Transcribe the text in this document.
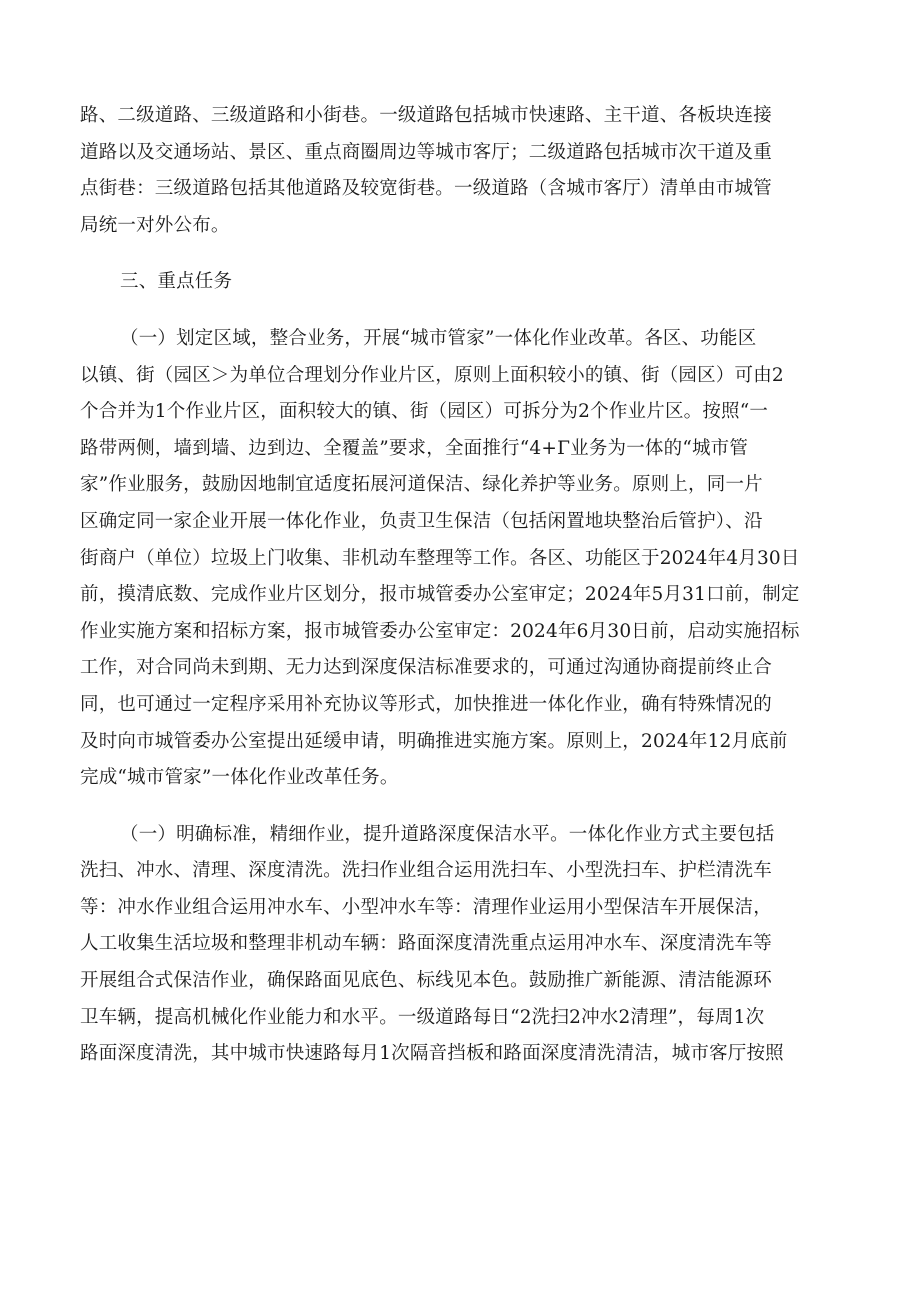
路、二级道路、三级道路和小街巷。一级道路包括城市快速路、主干道、各板块连接
道路以及交通场站、景区、重点商圈周边等城市客厅；二级道路包括城市次干道及重
点街巷：三级道路包括其他道路及较宽街巷。一级道路（含城市客厅）清单由市城管
局统一对外公布。

三、重点任务

（一）划定区域，整合业务，开展“城市管家”一体化作业改革。各区、功能区
以镇、街（园区＞为单位合理划分作业片区，原则上面积较小的镇、街（园区）可由2
个合并为1个作业片区，面积较大的镇、街（园区）可拆分为2个作业片区。按照“一
路带两侧，墙到墙、边到边、全覆盖”要求，全面推行“4+Γ业务为一体的“城市管
家”作业服务，鼓励因地制宜适度拓展河道保洁、绿化养护等业务。原则上，同一片
区确定同一家企业开展一体化作业，负责卫生保洁（包括闲置地块整治后管护）、沿
街商户（单位）垃圾上门收集、非机动车整理等工作。各区、功能区于2024年4月30日
前，摸清底数、完成作业片区划分，报市城管委办公室审定；2024年5月31口前，制定
作业实施方案和招标方案，报市城管委办公室审定：2024年6月30日前，启动实施招标
工作，对合同尚未到期、无力达到深度保洁标准要求的，可通过沟通协商提前终止合
同，也可通过一定程序采用补充协议等形式，加快推进一体化作业，确有特殊情况的
及时向市城管委办公室提出延缓申请，明确推进实施方案。原则上，2024年12月底前
完成“城市管家”一体化作业改革任务。
（一）明确标准，精细作业，提升道路深度保洁水平。一体化作业方式主要包括
洗扫、冲水、清理、深度清洗。洗扫作业组合运用洗扫车、小型洗扫车、护栏清洗车
等：冲水作业组合运用冲水车、小型冲水车等：清理作业运用小型保洁车开展保洁，
人工收集生活垃圾和整理非机动车辆：路面深度清洗重点运用冲水车、深度清洗车等
开展组合式保洁作业，确保路面见底色、标线见本色。鼓励推广新能源、清洁能源环
卫车辆，提高机械化作业能力和水平。一级道路每日“2洗扫2冲水2清理”，每周1次
路面深度清洗，其中城市快速路每月1次隔音挡板和路面深度清洗清洁，城市客厅按照
